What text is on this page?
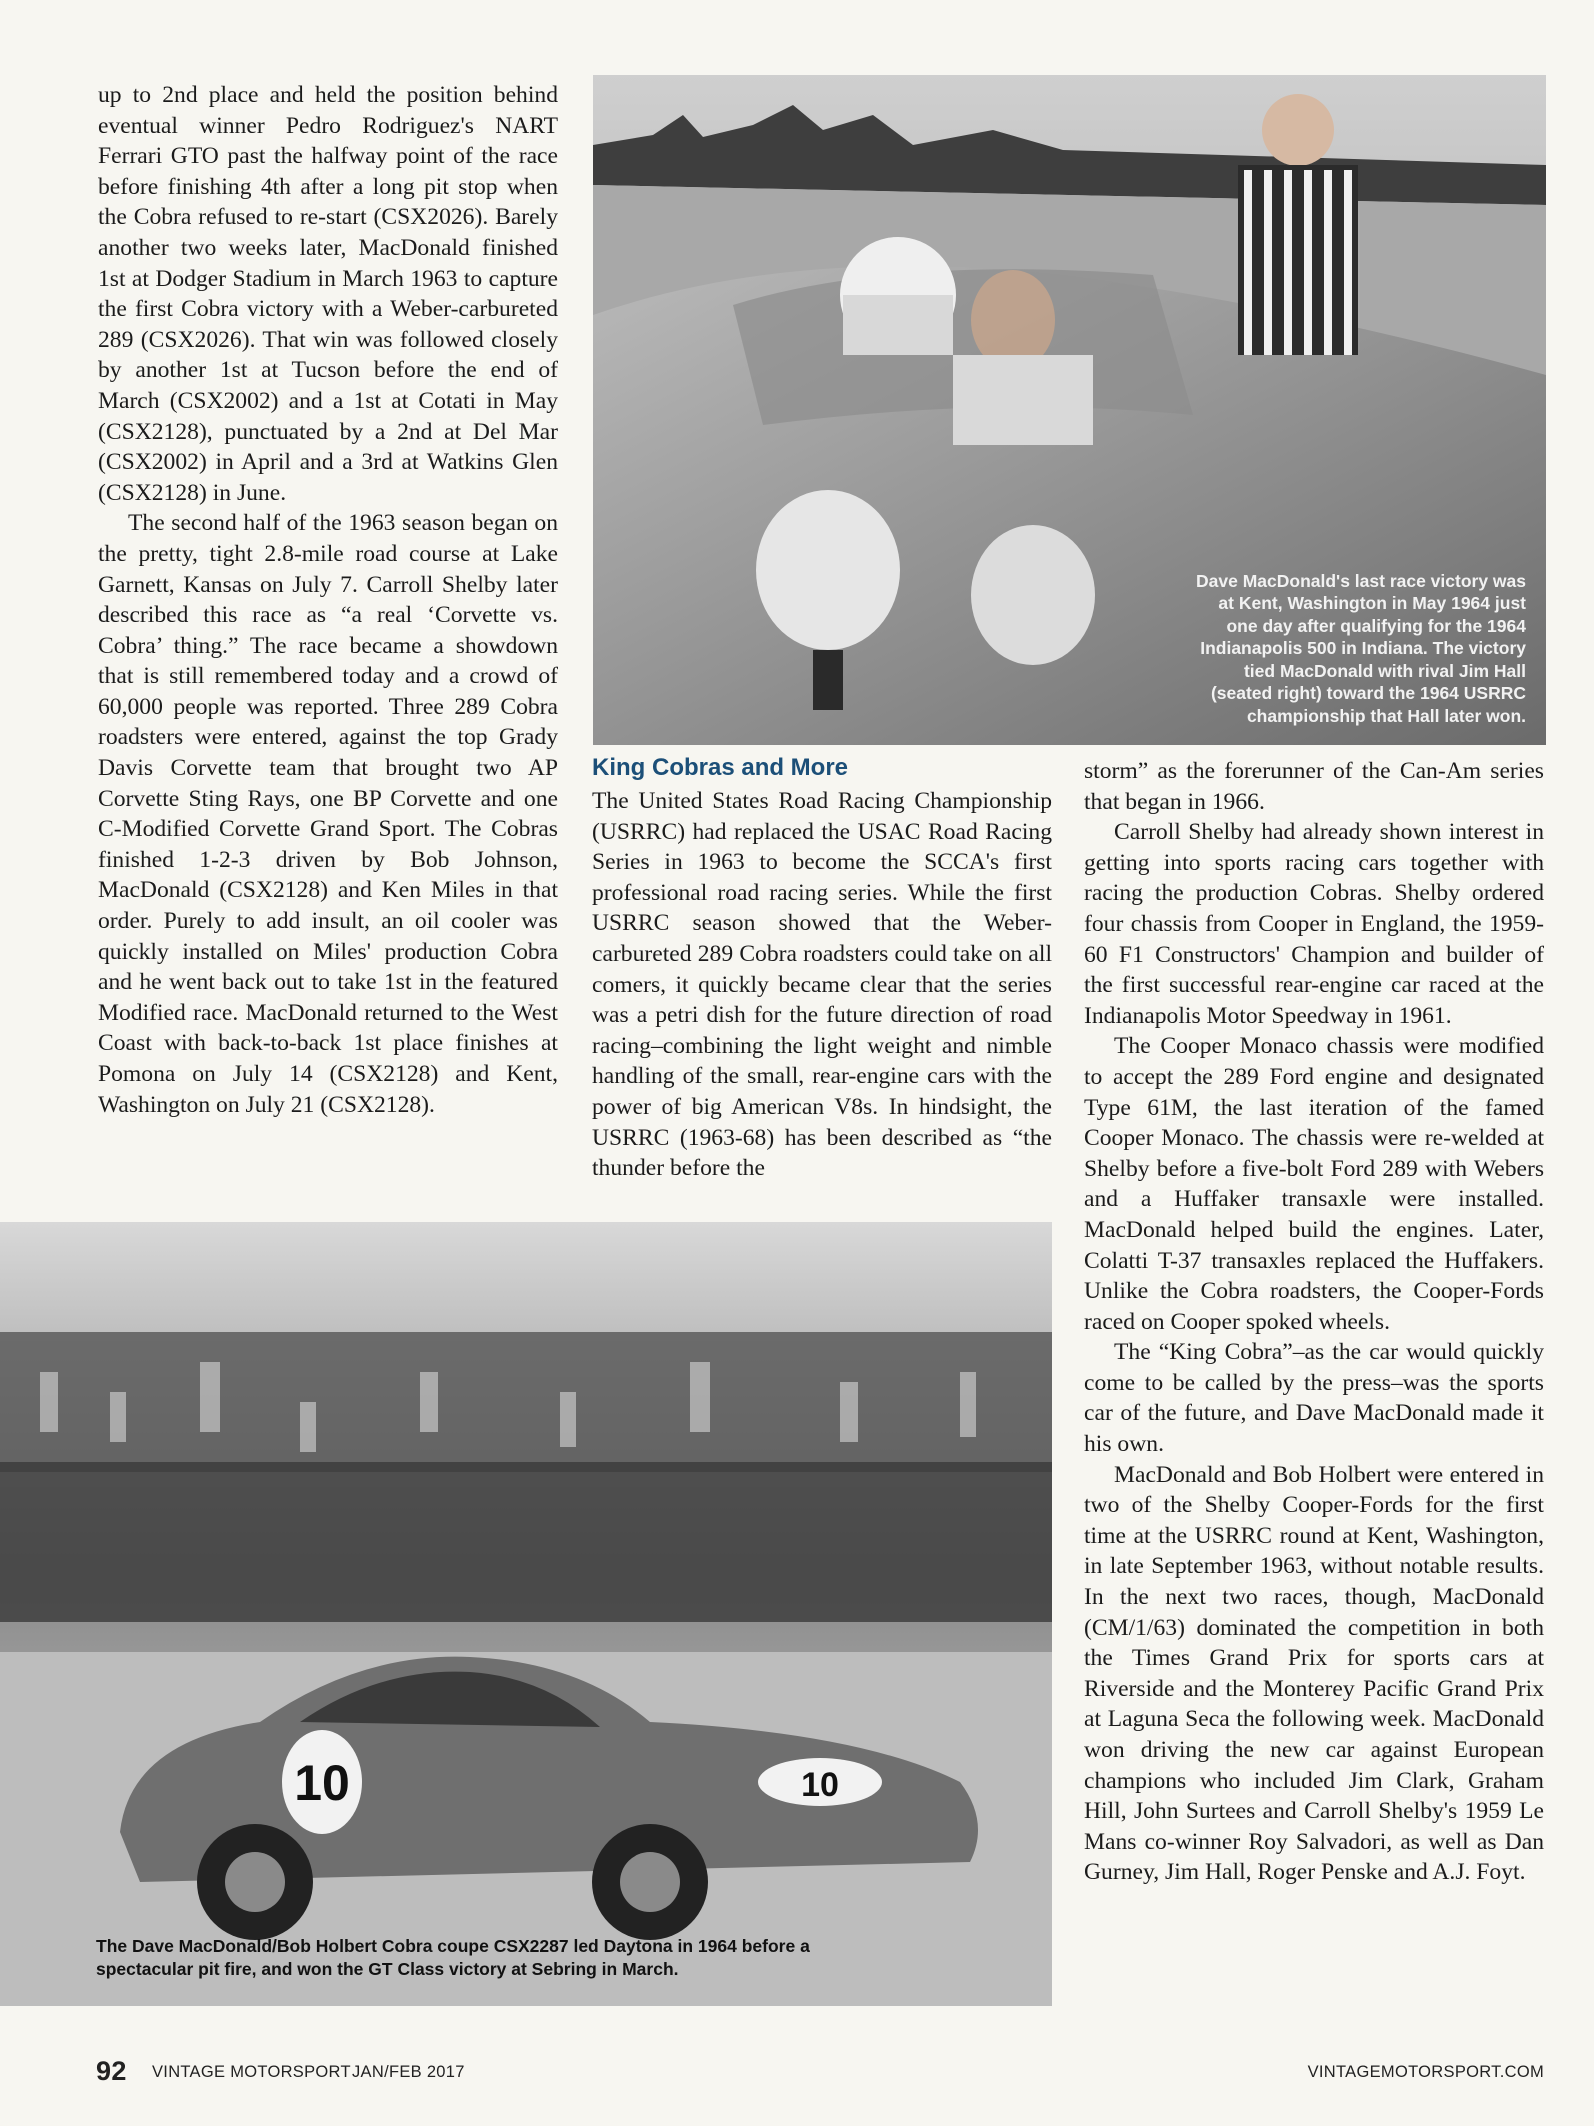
up to 2nd place and held the position behind eventual winner Pedro Rodriguez's NART Ferrari GTO past the halfway point of the race before finishing 4th after a long pit stop when the Cobra refused to re-start (CSX2026). Barely another two weeks later, MacDonald finished 1st at Dodger Stadium in March 1963 to capture the first Cobra victory with a Weber-carbureted 289 (CSX2026). That win was followed closely by another 1st at Tucson before the end of March (CSX2002) and a 1st at Cotati in May (CSX2128), punctuated by a 2nd at Del Mar (CSX2002) in April and a 3rd at Watkins Glen (CSX2128) in June.

The second half of the 1963 season began on the pretty, tight 2.8-mile road course at Lake Garnett, Kansas on July 7. Carroll Shelby later described this race as “a real ‘Corvette vs. Cobra’ thing.” The race became a showdown that is still remembered today and a crowd of 60,000 people was reported. Three 289 Cobra roadsters were entered, against the top Grady Davis Corvette team that brought two AP Corvette Sting Rays, one BP Corvette and one C-Modified Corvette Grand Sport. The Cobras finished 1-2-3 driven by Bob Johnson, MacDonald (CSX2128) and Ken Miles in that order. Purely to add insult, an oil cooler was quickly installed on Miles' production Cobra and he went back out to take 1st in the featured Modified race. MacDonald returned to the West Coast with back-to-back 1st place finishes at Pomona on July 14 (CSX2128) and Kent, Washington on July 21 (CSX2128).

Dave MacDonald's last race victory was at Kent, Washington in May 1964 just one day after qualifying for the 1964 Indianapolis 500 in Indiana. The victory tied MacDonald with rival Jim Hall (seated right) toward the 1964 USRRC championship that Hall later won.
King Cobras and More

The United States Road Racing Championship (USRRC) had replaced the USAC Road Racing Series in 1963 to become the SCCA's first professional road racing series. While the first USRRC season showed that the Weber-carbureted 289 Cobra roadsters could take on all comers, it quickly became clear that the series was a petri dish for the future direction of road racing–combining the light weight and nimble handling of the small, rear-engine cars with the power of big American V8s. In hindsight, the USRRC (1963-68) has been described as “the thunder before the

storm” as the forerunner of the Can-Am series that began in 1966.

Carroll Shelby had already shown interest in getting into sports racing cars together with racing the production Cobras. Shelby ordered four chassis from Cooper in England, the 1959-60 F1 Constructors' Champion and builder of the first successful rear-engine car raced at the Indianapolis Motor Speedway in 1961.

The Cooper Monaco chassis were modified to accept the 289 Ford engine and designated Type 61M, the last iteration of the famed Cooper Monaco. The chassis were re-welded at Shelby before a five-bolt Ford 289 with Webers and a Huffaker transaxle were installed. MacDonald helped build the engines. Later, Colatti T-37 transaxles replaced the Huffakers. Unlike the Cobra roadsters, the Cooper-Fords raced on Cooper spoked wheels.

The “King Cobra”–as the car would quickly come to be called by the press–was the sports car of the future, and Dave MacDonald made it his own.

MacDonald and Bob Holbert were entered in two of the Shelby Cooper-Fords for the first time at the USRRC round at Kent, Washington, in late September 1963, without notable results. In the next two races, though, MacDonald (CM/1/63) dominated the competition in both the Times Grand Prix for sports cars at Riverside and the Monterey Pacific Grand Prix at Laguna Seca the following week. MacDonald won driving the new car against European champions who included Jim Clark, Graham Hill, John Surtees and Carroll Shelby's 1959 Le Mans co-winner Roy Salvadori, as well as Dan Gurney, Jim Hall, Roger Penske and A.J. Foyt.

10	10
The Dave MacDonald/Bob Holbert Cobra coupe CSX2287 led Daytona in 1964 before a spectacular pit fire, and won the GT Class victory at Sebring in March.
92 VINTAGE MOTORSPORT JAN/FEB 2017	VINTAGEMOTORSPORT.COM
